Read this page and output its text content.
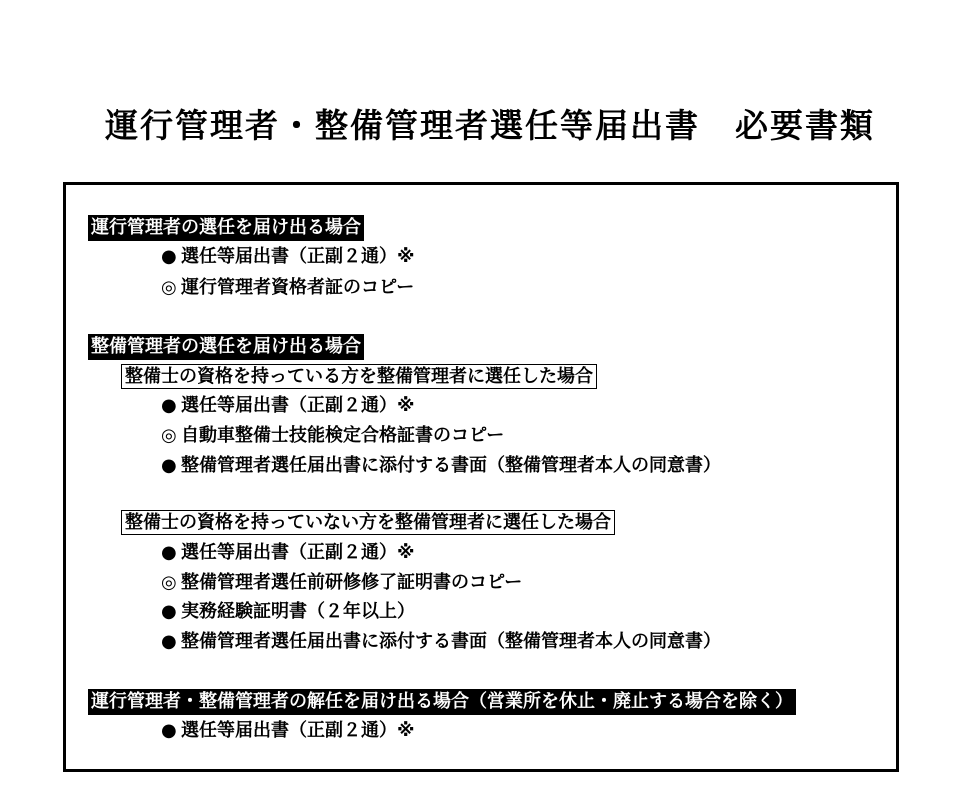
運行管理者・整備管理者選任等届出書　必要書類
運行管理者の選任を届け出る場合
● 選任等届出書（正副２通）※
◎ 運行管理者資格者証のコピー
整備管理者の選任を届け出る場合
整備士の資格を持っている方を整備管理者に選任した場合
● 選任等届出書（正副２通）※
◎ 自動車整備士技能検定合格証書のコピー
● 整備管理者選任届出書に添付する書面（整備管理者本人の同意書）
整備士の資格を持っていない方を整備管理者に選任した場合
● 選任等届出書（正副２通）※
◎ 整備管理者選任前研修修了証明書のコピー
● 実務経験証明書（２年以上）
● 整備管理者選任届出書に添付する書面（整備管理者本人の同意書）
運行管理者・整備管理者の解任を届け出る場合（営業所を休止・廃止する場合を除く）
● 選任等届出書（正副２通）※
